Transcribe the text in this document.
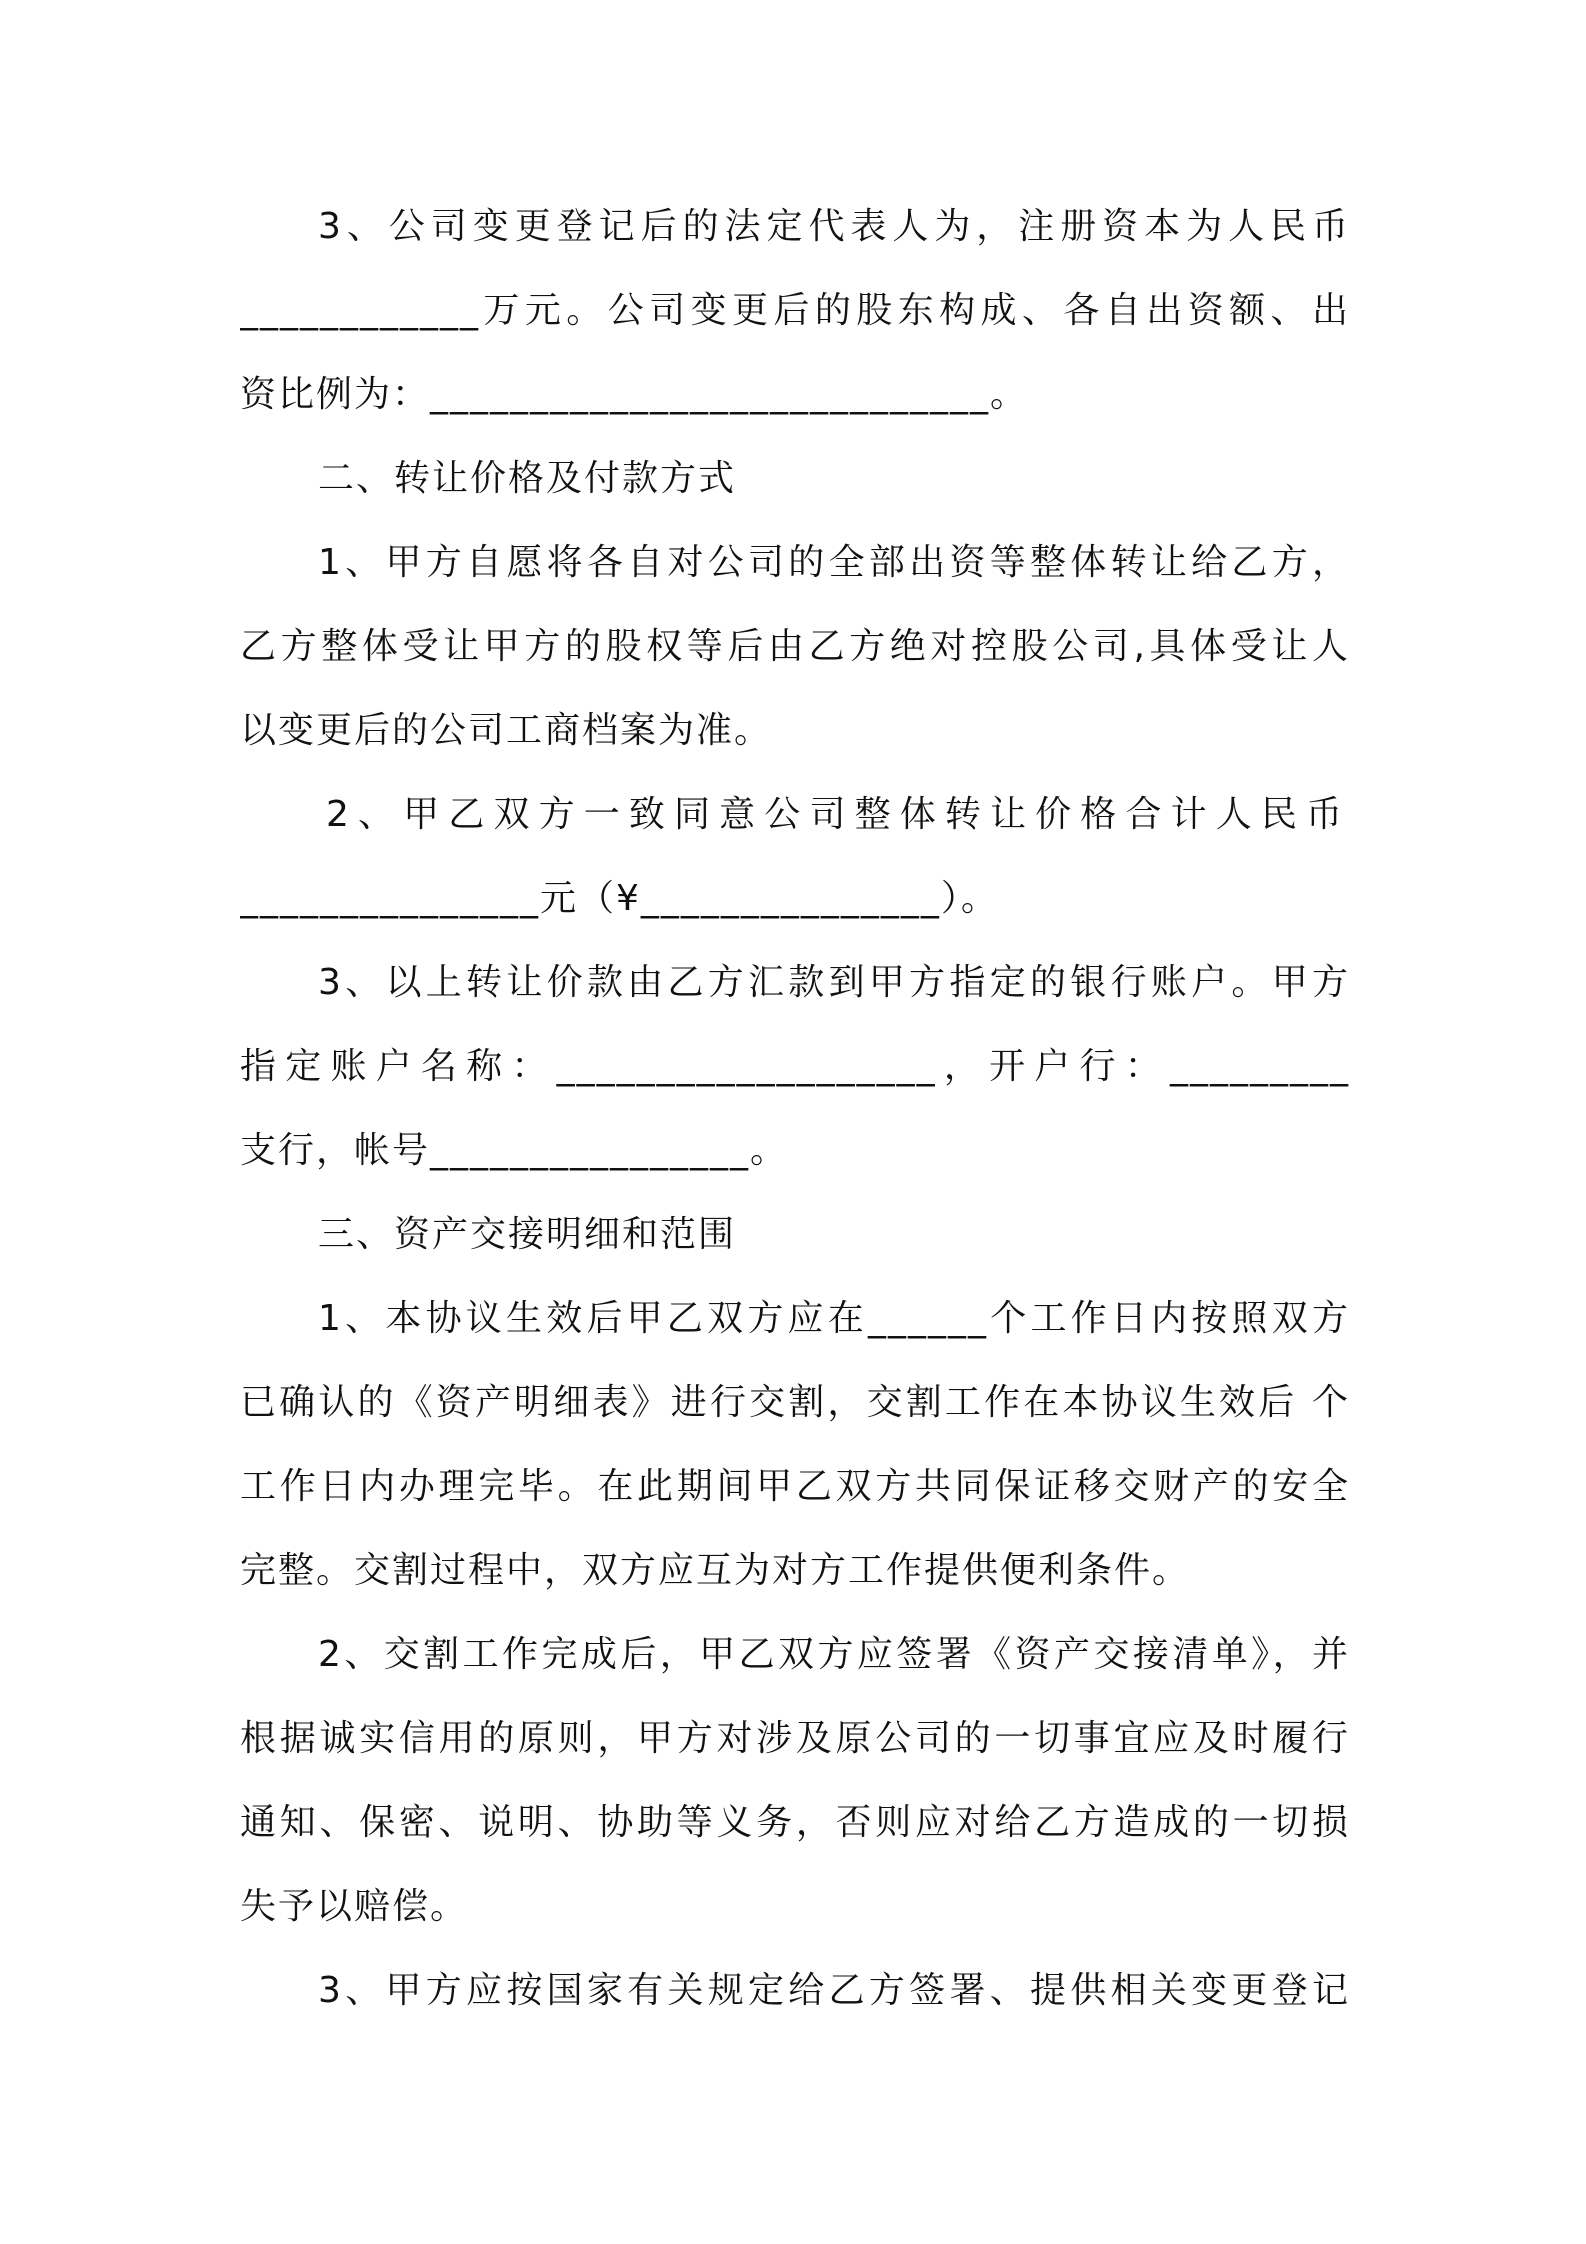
3、公司变更登记后的法定代表人为，注册资本为人民币
____________万元。公司变更后的股东构成、各自出资额、出
资比例为：____________________________。
二、转让价格及付款方式
1、甲方自愿将各自对公司的全部出资等整体转让给乙方，
乙方整体受让甲方的股权等后由乙方绝对控股公司,具体受让人
以变更后的公司工商档案为准。
2、甲乙双方一致同意公司整体转让价格合计人民币
_______________元（¥_______________）。
3、以上转让价款由乙方汇款到甲方指定的银行账户。甲方
指定账户名称：___________________，开户行：_________
支行，帐号________________。
三、资产交接明细和范围
1、本协议生效后甲乙双方应在______个工作日内按照双方
已确认的《资产明细表》进行交割，交割工作在本协议生效后 个
工作日内办理完毕。在此期间甲乙双方共同保证移交财产的安全
完整。交割过程中，双方应互为对方工作提供便利条件。
2、交割工作完成后，甲乙双方应签署《资产交接清单》，并
根据诚实信用的原则，甲方对涉及原公司的一切事宜应及时履行
通知、保密、说明、协助等义务，否则应对给乙方造成的一切损
失予以赔偿。
3、甲方应按国家有关规定给乙方签署、提供相关变更登记
